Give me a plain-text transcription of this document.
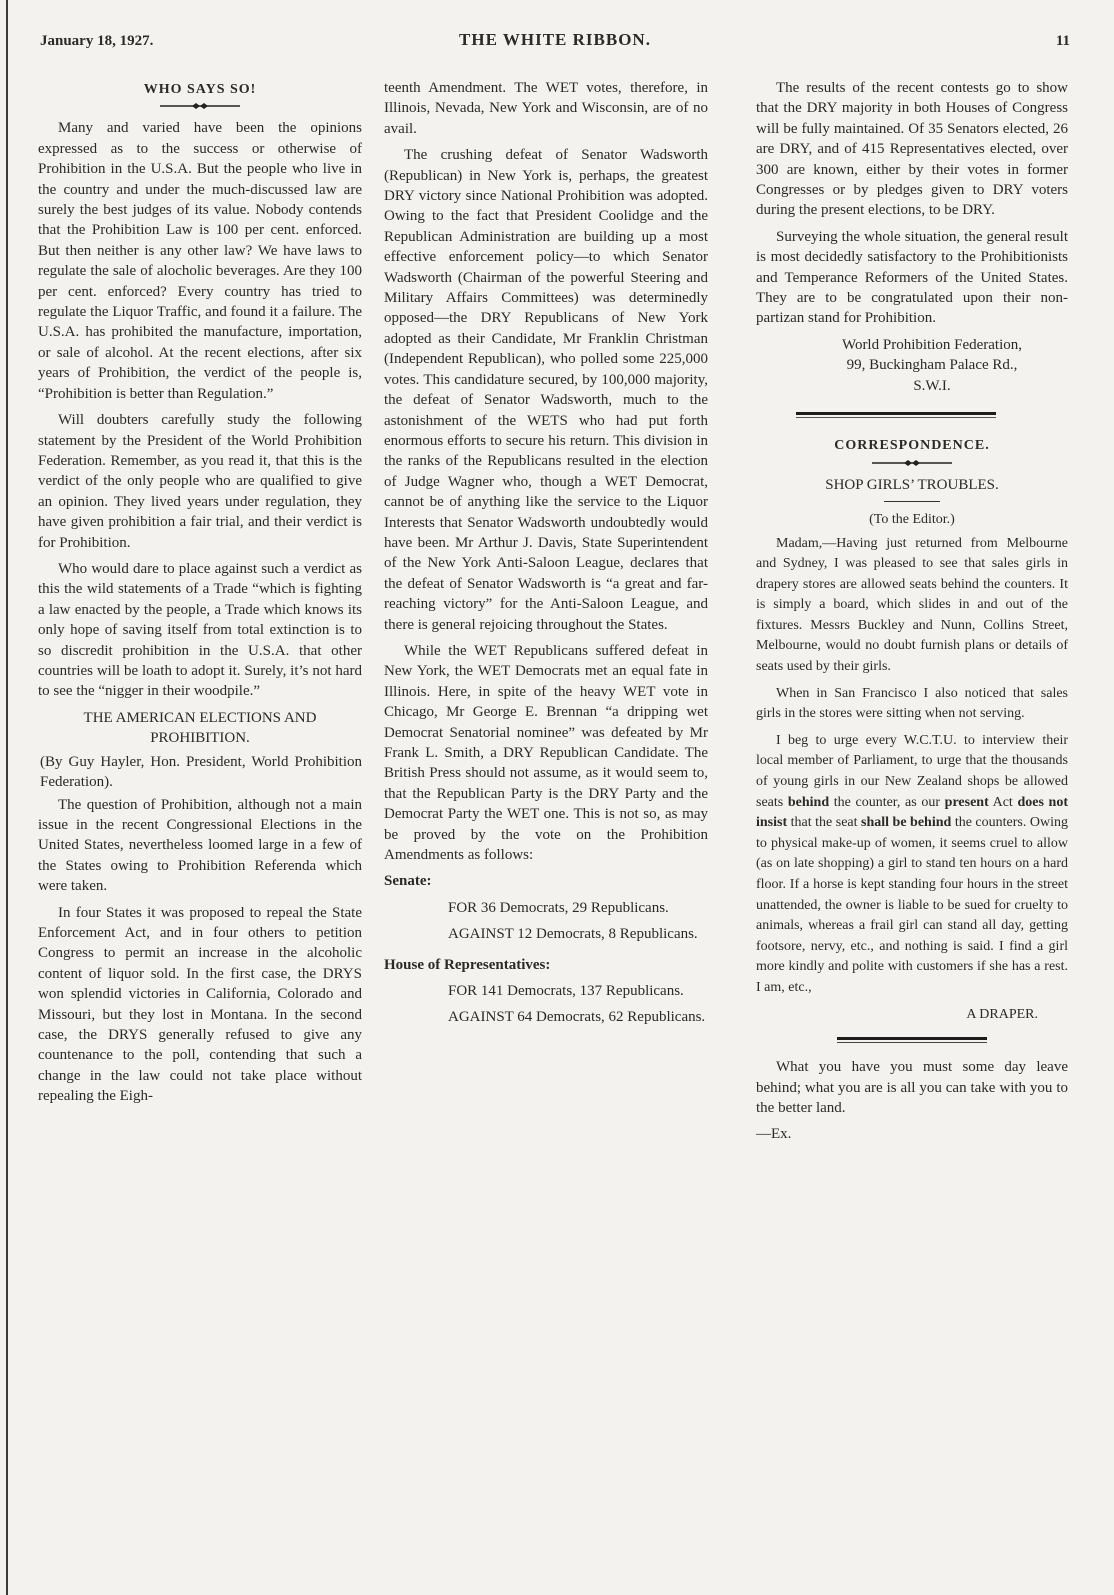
January 18, 1927.	THE WHITE RIBBON.	11
WHO SAYS SO!

Many and varied have been the opinions expressed as to the success or otherwise of Prohibition in the U.S.A. But the people who live in the country and under the much-discussed law are surely the best judges of its value. Nobody contends that the Prohibition Law is 100 per cent. enforced. But then neither is any other law? We have laws to regulate the sale of alocholic beverages. Are they 100 per cent. enforced? Every country has tried to regulate the Liquor Traffic, and found it a failure. The U.S.A. has prohibited the manufacture, importation, or sale of alcohol. At the recent elections, after six years of Prohibition, the verdict of the people is, “Prohibition is better than Regulation.”

Will doubters carefully study the following statement by the President of the World Prohibition Federation. Remember, as you read it, that this is the verdict of the only people who are qualified to give an opinion. They lived years under regulation, they have given prohibition a fair trial, and their verdict is for Prohibition.

Who would dare to place against such a verdict as this the wild statements of a Trade “which is fighting a law enacted by the people, a Trade which knows its only hope of saving itself from total extinction is to so discredit prohibition in the U.S.A. that other countries will be loath to adopt it. Surely, it’s not hard to see the “nigger in their woodpile.”

THE AMERICAN ELECTIONS AND PROHIBITION.

(By Guy Hayler, Hon. President, World Prohibition Federation).

The question of Prohibition, although not a main issue in the recent Congressional Elections in the United States, nevertheless loomed large in a few of the States owing to Prohibition Referenda which were taken.

In four States it was proposed to repeal the State Enforcement Act, and in four others to petition Congress to permit an increase in the alcoholic content of liquor sold. In the first case, the DRYS won splendid victories in California, Colorado and Missouri, but they lost in Montana. In the second case, the DRYS generally refused to give any countenance to the poll, contending that such a change in the law could not take place without repealing the Eigh-

teenth Amendment. The WET votes, therefore, in Illinois, Nevada, New York and Wisconsin, are of no avail.

The crushing defeat of Senator Wadsworth (Republican) in New York is, perhaps, the greatest DRY victory since National Prohibition was adopted. Owing to the fact that President Coolidge and the Republican Administration are building up a most effective enforcement policy—to which Senator Wadsworth (Chairman of the powerful Steering and Military Affairs Committees) was determinedly opposed—the DRY Republicans of New York adopted as their Candidate, Mr Franklin Christman (Independent Republican), who polled some 225,000 votes. This candidature secured, by 100,000 majority, the defeat of Senator Wadsworth, much to the astonishment of the WETS who had put forth enormous efforts to secure his return. This division in the ranks of the Republicans resulted in the election of Judge Wagner who, though a WET Democrat, cannot be of anything like the service to the Liquor Interests that Senator Wadsworth undoubtedly would have been. Mr Arthur J. Davis, State Superintendent of the New York Anti-Saloon League, declares that the defeat of Senator Wadsworth is “a great and far-reaching victory” for the Anti-Saloon League, and there is general rejoicing throughout the States.

While the WET Republicans suffered defeat in New York, the WET Democrats met an equal fate in Illinois. Here, in spite of the heavy WET vote in Chicago, Mr George E. Brennan “a dripping wet Democrat Senatorial nominee” was defeated by Mr Frank L. Smith, a DRY Republican Candidate. The British Press should not assume, as it would seem to, that the Republican Party is the DRY Party and the Democrat Party the WET one. This is not so, as may be proved by the vote on the Prohibition Amendments as follows:

Senate:

FOR 36 Democrats, 29 Republicans.

AGAINST 12 Democrats, 8 Republicans.

House of Representatives:

FOR 141 Democrats, 137 Republicans.

AGAINST 64 Democrats, 62 Republicans.

The results of the recent contests go to show that the DRY majority in both Houses of Congress will be fully maintained. Of 35 Senators elected, 26 are DRY, and of 415 Representatives elected, over 300 are known, either by their votes in former Congresses or by pledges given to DRY voters during the present elections, to be DRY.

Surveying the whole situation, the general result is most decidedly satisfactory to the Prohibitionists and Temperance Reformers of the United States. They are to be congratulated upon their non-partizan stand for Prohibition.

World Prohibition Federation,

99, Buckingham Palace Rd.,

S.W.I.

CORRESPONDENCE.
SHOP GIRLS’ TROUBLES.
(To the Editor.)

Madam,—Having just returned from Melbourne and Sydney, I was pleased to see that sales girls in drapery stores are allowed seats behind the counters. It is simply a board, which slides in and out of the fixtures. Messrs Buckley and Nunn, Collins Street, Melbourne, would no doubt furnish plans or details of seats used by their girls.

When in San Francisco I also noticed that sales girls in the stores were sitting when not serving.

I beg to urge every W.C.T.U. to interview their local member of Parliament, to urge that the thousands of young girls in our New Zealand shops be allowed seats behind the counter, as our present Act does not insist that the seat shall be behind the counters. Owing to physical make-up of women, it seems cruel to allow (as on late shopping) a girl to stand ten hours on a hard floor. If a horse is kept standing four hours in the street unattended, the owner is liable to be sued for cruelty to animals, whereas a frail girl can stand all day, getting footsore, nervy, etc., and nothing is said. I find a girl more kindly and polite with customers if she has a rest. I am, etc.,

A DRAPER.

What you have you must some day leave behind; what you are is all you can take with you to the better land.

—Ex.
